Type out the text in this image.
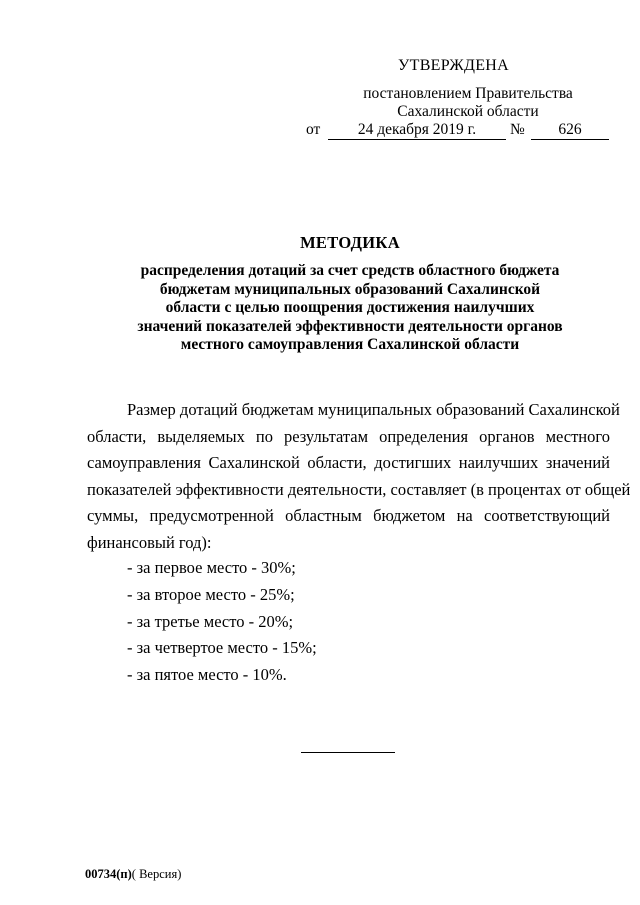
УТВЕРЖДЕНА
постановлением Правительства
Сахалинской области
от	24 декабря 2019 г.	№	626
МЕТОДИКА
распределения дотаций за счет средств областного бюджета
бюджетам муниципальных образований Сахалинской
области с целью поощрения достижения наилучших
значений показателей эффективности деятельности органов
местного самоуправления Сахалинской области
Размер дотаций бюджетам муниципальных образований Сахалинской
области, выделяемых по результатам определения органов местного
самоуправления Сахалинской области, достигших наилучших значений
показателей эффективности деятельности, составляет (в процентах от общей
суммы, предусмотренной областным бюджетом на соответствующий
финансовый год):
- за первое место - 30%;
- за второе место - 25%;
- за третье место - 20%;
- за четвертое место - 15%;
- за пятое место - 10%.
00734(п)( Версия)
